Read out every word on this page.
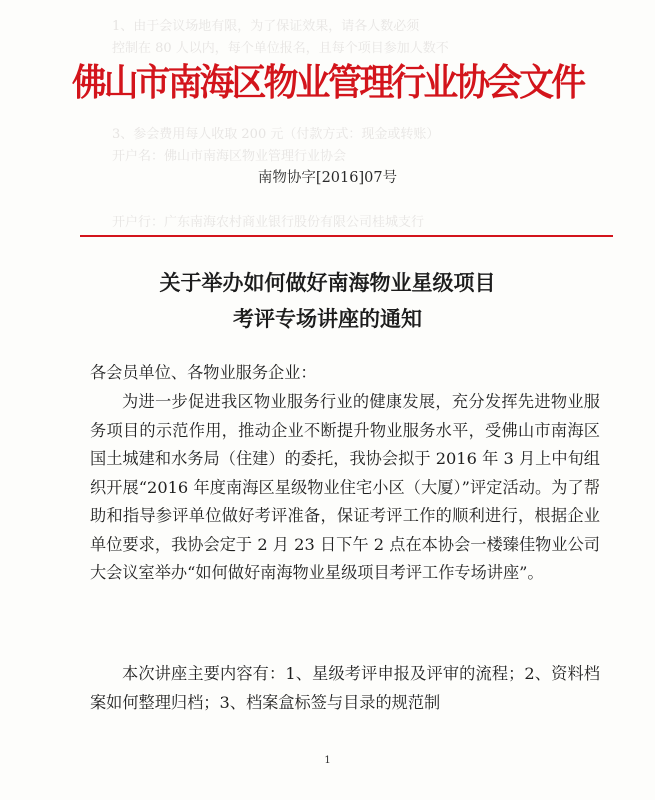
1、由于会议场地有限，为了保证效果，请各人数必须
控制在 80 人以内，每个单位报名，且每个项目参加人数不
3、参会费用每人收取 200 元（付款方式：现金或转账）
开户名：佛山市南海区物业管理行业协会
开户行：广东南海农村商业银行股份有限公司桂城支行
佛山市南海区物业管理行业协会文件
南物协字[2016]07号
关于举办如何做好南海物业星级项目
考评专场讲座的通知
各会员单位、各物业服务企业：
为进一步促进我区物业服务行业的健康发展，充分发挥先进物业服务项目的示范作用，推动企业不断提升物业服务水平，受佛山市南海区国土城建和水务局（住建）的委托，我协会拟于 2016 年 3 月上中旬组织开展“2016 年度南海区星级物业住宅小区（大厦）”评定活动。为了帮助和指导参评单位做好考评准备，保证考评工作的顺利进行，根据企业单位要求，我协会定于 2 月 23 日下午 2 点在本协会一楼臻佳物业公司大会议室举办“如何做好南海物业星级项目考评工作专场讲座”。
本次讲座主要内容有：1、星级考评申报及评审的流程；2、资料档案如何整理归档；3、档案盒标签与目录的规范制
1
